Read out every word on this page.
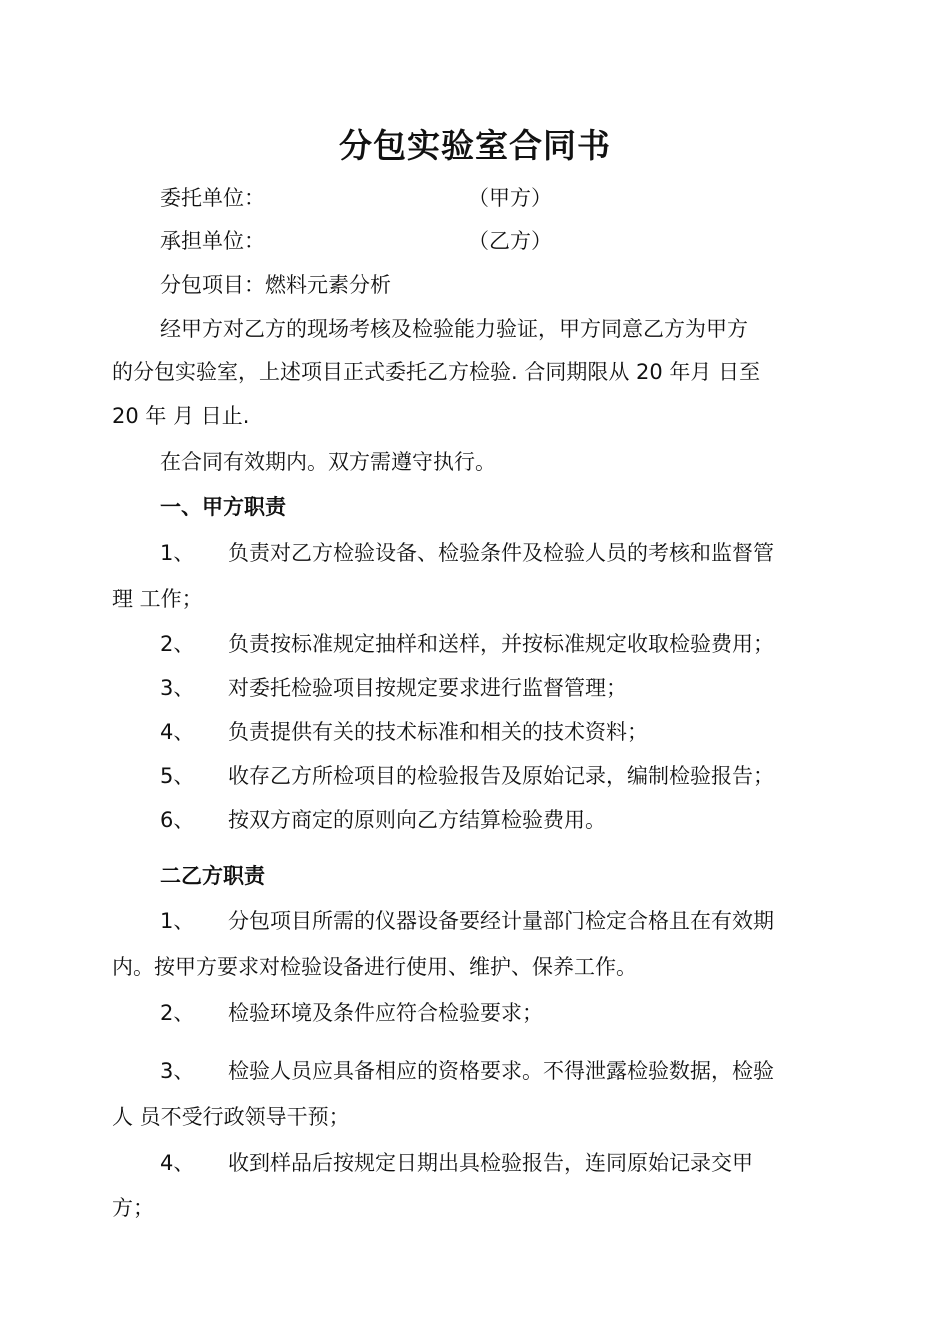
分包实验室合同书
委托单位：	（甲方）
承担单位：	（乙方）
分包项目：燃料元素分析
经甲方对乙方的现场考核及检验能力验证，甲方同意乙方为甲方
的分包实验室，上述项目正式委托乙方检验. 合同期限从 20 年月 日至
20 年 月 日止.
在合同有效期内。双方需遵守执行。
一、甲方职责
1、 负责对乙方检验设备、检验条件及检验人员的考核和监督管
理 工作；
2、 负责按标准规定抽样和送样，并按标准规定收取检验费用；
3、 对委托检验项目按规定要求进行监督管理；
4、 负责提供有关的技术标准和相关的技术资料；
5、 收存乙方所检项目的检验报告及原始记录，编制检验报告；
6、 按双方商定的原则向乙方结算检验费用。
二乙方职责
1、 分包项目所需的仪器设备要经计量部门检定合格且在有效期
内。按甲方要求对检验设备进行使用、维护、保养工作。
2、 检验环境及条件应符合检验要求；
3、 检验人员应具备相应的资格要求。不得泄露检验数据，检验
人 员不受行政领导干预；
4、 收到样品后按规定日期出具检验报告，连同原始记录交甲
方；
